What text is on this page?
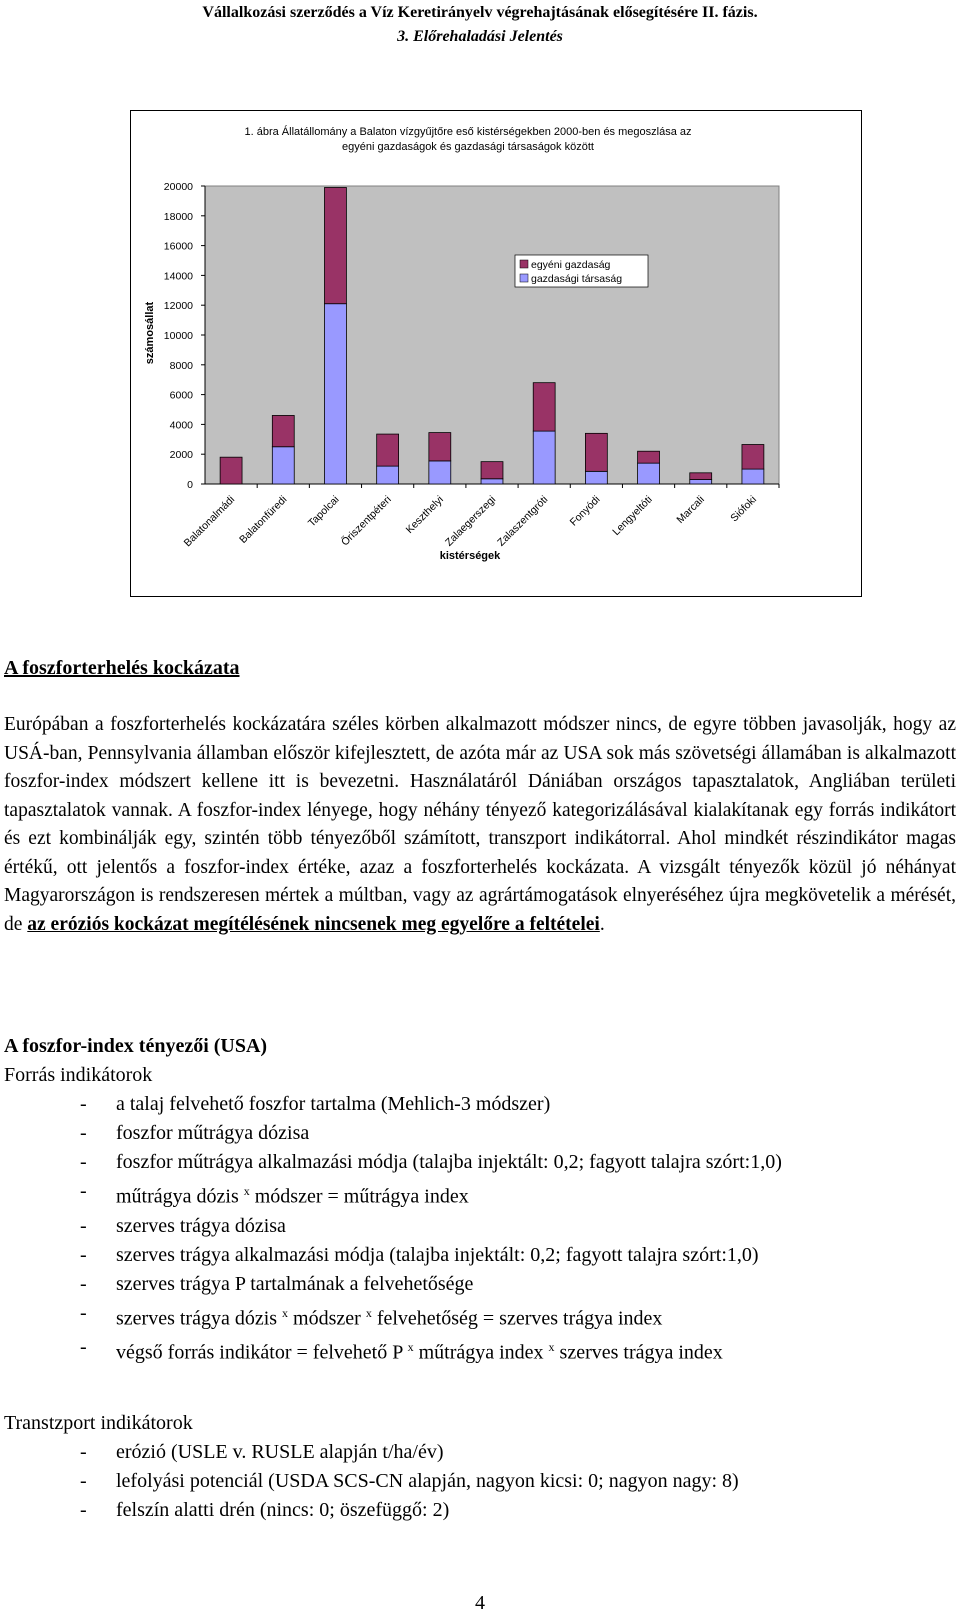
Vállalkozási szerződés a Víz Keretirányelv végrehajtásának elősegítésére II. fázis.
3. Előrehaladási Jelentés
1. ábra Állatállomány a Balaton vízgyűjtőre eső kistérségekben 2000-ben és megoszlása az
egyéni gazdaságok és gazdasági társaságok között
számosállat
kistérségek
0
2000
4000
6000
8000
10000
12000
14000
16000
18000
20000
Balatonalmádi Balatonfüredi Tapolcai
Őriszentpéteri Keszthelyi
Zalaegerszegi
Zalaszentgróti Fonyódi Lengyeltóti Marcali Siófoki
egyéni gazdaság
gazdasági társaság
A foszforterhelés kockázata
Európában a foszforterhelés kockázatára széles körben alkalmazott módszer nincs, de egyre többen javasolják, hogy az USÁ-ban, Pennsylvania államban először kifejlesztett, de azóta már az USA sok más szövetségi államában is alkalmazott foszfor-index módszert kellene itt is bevezetni. Használatáról Dániában országos tapasztalatok, Angliában területi tapasztalatok vannak. A foszfor-index lényege, hogy néhány tényező kategorizálásával kialakítanak egy forrás indikátort és ezt kombinálják egy, szintén több tényezőből számított, transzport indikátorral. Ahol mindkét részindikátor magas értékű, ott jelentős a foszfor-index értéke, azaz a foszforterhelés kockázata. A vizsgált tényezők közül jó néhányat Magyarországon is rendszeresen mértek a múltban, vagy az agrártámogatások elnyeréséhez újra megkövetelik a mérését, de az eróziós kockázat megítélésének nincsenek meg egyelőre a feltételei.
A foszfor-index tényezői (USA)
Forrás indikátorok
- a talaj felvehető foszfor tartalma (Mehlich-3 módszer)
- foszfor műtrágya dózisa
- foszfor műtrágya alkalmazási módja (talajba injektált: 0,2; fagyott talajra szórt:1,0)
- műtrágya dózis $^x$ módszer = műtrágya index
- szerves trágya dózisa
- szerves trágya alkalmazási módja (talajba injektált: 0,2; fagyott talajra szórt:1,0)
- szerves trágya P tartalmának a felvehetősége
- szerves trágya dózis $^x$ módszer $^x$ felvehetőség = szerves trágya index
- végső forrás indikátor = felvehető P $^x$ műtrágya index $^x$ szerves trágya index
Transtzport indikátorok
- erózió (USLE v. RUSLE alapján t/ha/év)
- lefolyási potenciál (USDA SCS-CN alapján, nagyon kicsi: 0; nagyon nagy: 8)
- felszín alatti drén (nincs: 0; öszefüggő: 2)
4
